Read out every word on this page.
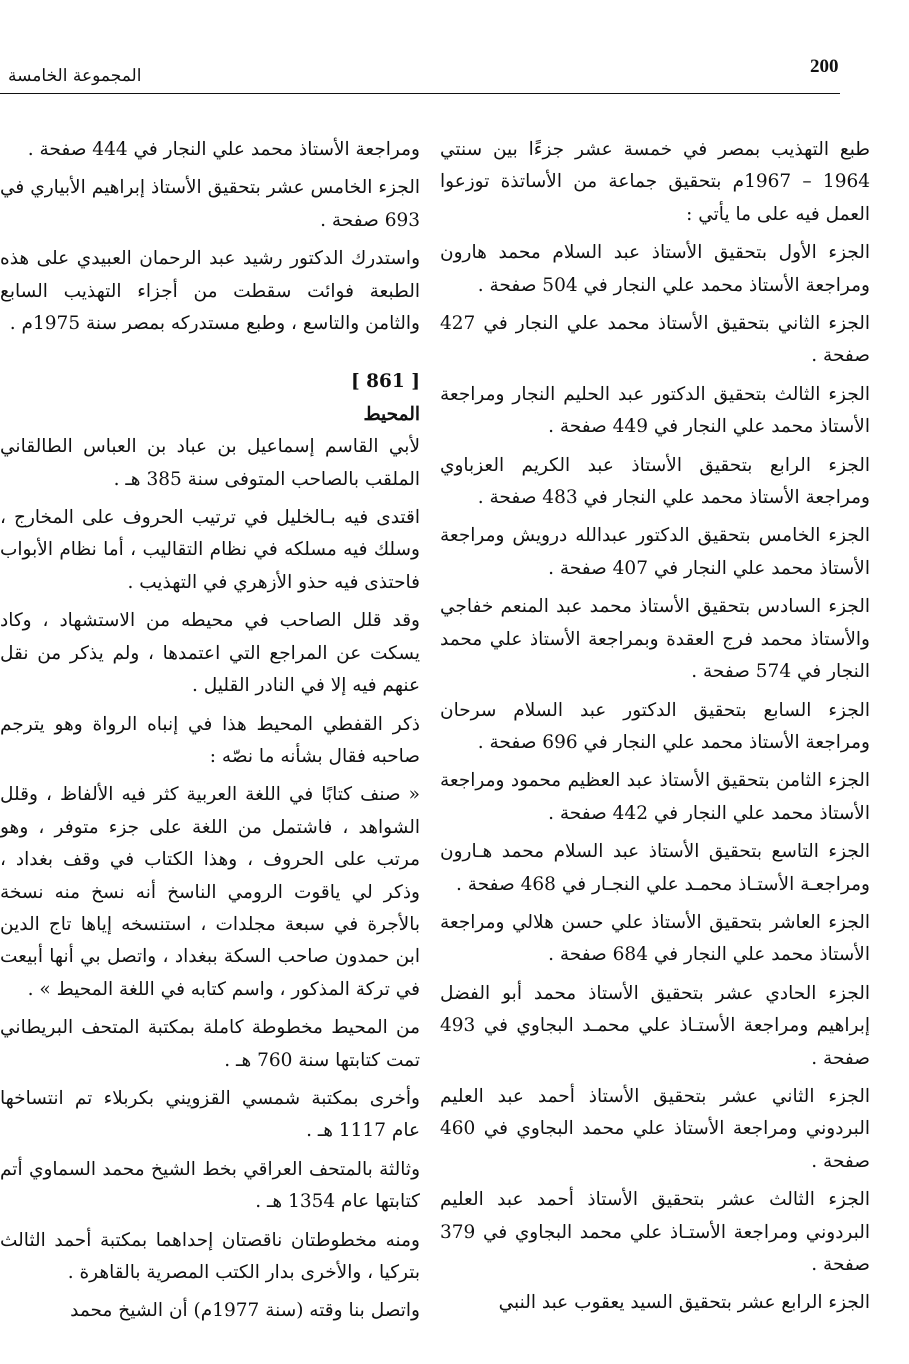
200
المجموعة الخامسة

طبع التهذيب بمصر في خمسة عشر جزءًا بين سنتي 1964 – 1967م بتحقيق جماعة من الأساتذة توزعوا العمل فيه على ما يأتي :

الجزء الأول بتحقيق الأستاذ عبد السلام محمد هارون ومراجعة الأستاذ محمد علي النجار في 504 صفحة .

الجزء الثاني بتحقيق الأستاذ محمد علي النجار في 427 صفحة .

الجزء الثالث بتحقيق الدكتور عبد الحليم النجار ومراجعة الأستاذ محمد علي النجار في 449 صفحة .

الجزء الرابع بتحقيق الأستاذ عبد الكريم العزباوي ومراجعة الأستاذ محمد علي النجار في 483 صفحة .

الجزء الخامس بتحقيق الدكتور عبدالله درويش ومراجعة الأستاذ محمد علي النجار في 407 صفحة .

الجزء السادس بتحقيق الأستاذ محمد عبد المنعم خفاجي والأستاذ محمد فرج العقدة وبمراجعة الأستاذ علي محمد النجار في 574 صفحة .

الجزء السابع بتحقيق الدكتور عبد السلام سرحان ومراجعة الأستاذ محمد علي النجار في 696 صفحة .

الجزء الثامن بتحقيق الأستاذ عبد العظيم محمود ومراجعة الأستاذ محمد علي النجار في 442 صفحة .

الجزء التاسع بتحقيق الأستاذ عبد السلام محمد هـارون ومراجعـة الأستـاذ محمـد علي النجـار في 468 صفحة .

الجزء العاشر بتحقيق الأستاذ علي حسن هلالي ومراجعة الأستاذ محمد علي النجار في 684 صفحة .

الجزء الحادي عشر بتحقيق الأستاذ محمد أبو الفضل إبراهيم ومراجعة الأستـاذ علي محمـد البجاوي في 493 صفحة .

الجزء الثاني عشر بتحقيق الأستاذ أحمد عبد العليم البردوني ومراجعة الأستاذ علي محمد البجاوي في 460 صفحة .

الجزء الثالث عشر بتحقيق الأستاذ أحمد عبد العليم البردوني ومراجعة الأستـاذ علي محمد البجاوي في 379 صفحة .

الجزء الرابع عشر بتحقيق السيد يعقوب عبد النبي

ومراجعة الأستاذ محمد علي النجار في 444 صفحة .

الجزء الخامس عشر بتحقيق الأستاذ إبراهيم الأبياري في 693 صفحة .

واستدرك الدكتور رشيد عبد الرحمان العبيدي على هذه الطبعة فوائت سقطت من أجزاء التهذيب السابع والثامن والتاسع ، وطبع مستدركه بمصر سنة 1975م .

[ 861 ]

المحيط

لأبي القاسم إسماعيل بن عباد بن العباس الطالقاني الملقب بالصاحب المتوفى سنة 385 هـ .

اقتدى فيه بـالخليل في ترتيب الحروف على المخارج ، وسلك فيه مسلكه في نظام التقاليب ، أما نظام الأبواب فاحتذى فيه حذو الأزهري في التهذيب .

وقد قلل الصاحب في محيطه من الاستشهاد ، وكاد يسكت عن المراجع التي اعتمدها ، ولم يذكر من نقل عنهم فيه إلا في النادر القليل .

ذكر القفطي المحيط هذا في إنباه الرواة وهو يترجم صاحبه فقال بشأنه ما نصّه :

« صنف كتابًا في اللغة العربية كثر فيه الألفاظ ، وقلل الشواهد ، فاشتمل من اللغة على جزء متوفر ، وهو مرتب على الحروف ، وهذا الكتاب في وقف بغداد ، وذكر لي ياقوت الرومي الناسخ أنه نسخ منه نسخة بالأجرة في سبعة مجلدات ، استنسخه إياها تاج الدين ابن حمدون صاحب السكة ببغداد ، واتصل بي أنها أبيعت في تركة المذكور ، واسم كتابه في اللغة المحيط » .

من المحيط مخطوطة كاملة بمكتبة المتحف البريطاني تمت كتابتها سنة 760 هـ .

وأخرى بمكتبة شمسي القزويني بكربلاء تم انتساخها عام 1117 هـ .

وثالثة بالمتحف العراقي بخط الشيخ محمد السماوي أتم كتابتها عام 1354 هـ .

ومنه مخطوطتان ناقصتان إحداهما بمكتبة أحمد الثالث بتركيا ، والأخرى بدار الكتب المصرية بالقاهرة .

واتصل بنا وقته (سنة 1977م) أن الشيخ محمد
